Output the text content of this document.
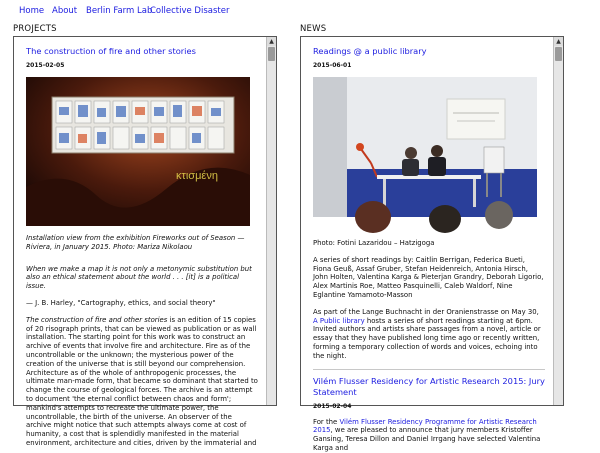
Home About Berlin Farm Lab
Collective Disaster
PROJECTS	NEWS
The construction of fire and other stories
2015-02-05
κτισμένη
Installation view from the exhibition Fireworks out of Season —Riviera, in January 2015. Photo: Mariza Nikolaou
When we make a map it is not only a metonymic substitution but also an ethical statement about the world . . . [it] is a political issue.
— J. B. Harley, "Cartography, ethics, and social theory"
The construction of fire and other stories is an edition of 15 copies of 20 risograph prints, that can be viewed as publication or as wall installation. The starting point for this work was to construct an archive of events that involve fire and architecture. Fire as of the uncontrollable or the unknown; the mysterious power of the creation of the universe that is still beyond our comprehension. Architecture as of the whole of anthropogenic processes, the ultimate man-made form, that became so dominant that started to change the course of geological forces. The archive is an attempt to document 'the eternal conflict between chaos and form'; mankind's attempts to recreate the ultimate power, the uncontrollable, the birth of the universe. An observer of the archive might notice that such attempts always come at cost of humanity, a cost that is splendidly manifested in the material environment, architecture and cities, driven by the immaterial and
▲
Readings @ a public library
2015-06-01
Photo: Fotini Lazaridou – Hatzigoga
A series of short readings by: Caitlin Berrigan, Federica Bueti, Fiona Geuß, Assaf Gruber, Stefan Heidenreich, Antonia Hirsch, John Holten, Valentina Karga & Pieterjan Grandry, Deborah Ligorio, Alex Martinis Roe, Matteo Pasquinelli, Caleb Waldorf, Nine Eglantine Yamamoto-Masson
As part of the Lange Buchnacht in der Oranienstrasse on May 30, A Public library hosts a series of short readings starting at 6pm. Invited authors and artists share passages from a novel, article or essay that they have published long time ago or recently written, forming a temporary collection of words and voices, echoing into the night.
Vilém Flusser Residency for Artistic Research 2015: Jury Statement
2015-02-04
For the Vilém Flusser Residency Programme for Artistic Research 2015, we are pleased to announce that jury members Kristoffer Gansing, Teresa Dillon and Daniel Irrgang have selected Valentina Karga and
▲
